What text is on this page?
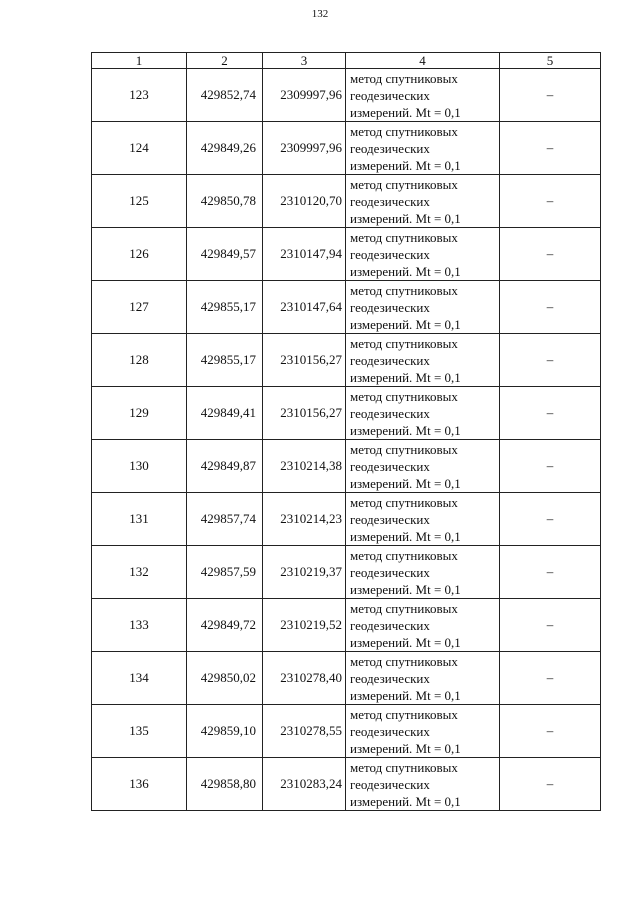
132
1	2	3	4	5
123	429852,74	2309997,96	метод спутниковых
геодезических
измерений. Mt = 0,1	–
124	429849,26	2309997,96	метод спутниковых
геодезических
измерений. Mt = 0,1	–
125	429850,78	2310120,70	метод спутниковых
геодезических
измерений. Mt = 0,1	–
126	429849,57	2310147,94	метод спутниковых
геодезических
измерений. Mt = 0,1	–
127	429855,17	2310147,64	метод спутниковых
геодезических
измерений. Mt = 0,1	–
128	429855,17	2310156,27	метод спутниковых
геодезических
измерений. Mt = 0,1	–
129	429849,41	2310156,27	метод спутниковых
геодезических
измерений. Mt = 0,1	–
130	429849,87	2310214,38	метод спутниковых
геодезических
измерений. Mt = 0,1	–
131	429857,74	2310214,23	метод спутниковых
геодезических
измерений. Mt = 0,1	–
132	429857,59	2310219,37	метод спутниковых
геодезических
измерений. Mt = 0,1	–
133	429849,72	2310219,52	метод спутниковых
геодезических
измерений. Mt = 0,1	–
134	429850,02	2310278,40	метод спутниковых
геодезических
измерений. Mt = 0,1	–
135	429859,10	2310278,55	метод спутниковых
геодезических
измерений. Mt = 0,1	–
136	429858,80	2310283,24	метод спутниковых
геодезических
измерений. Mt = 0,1	–
